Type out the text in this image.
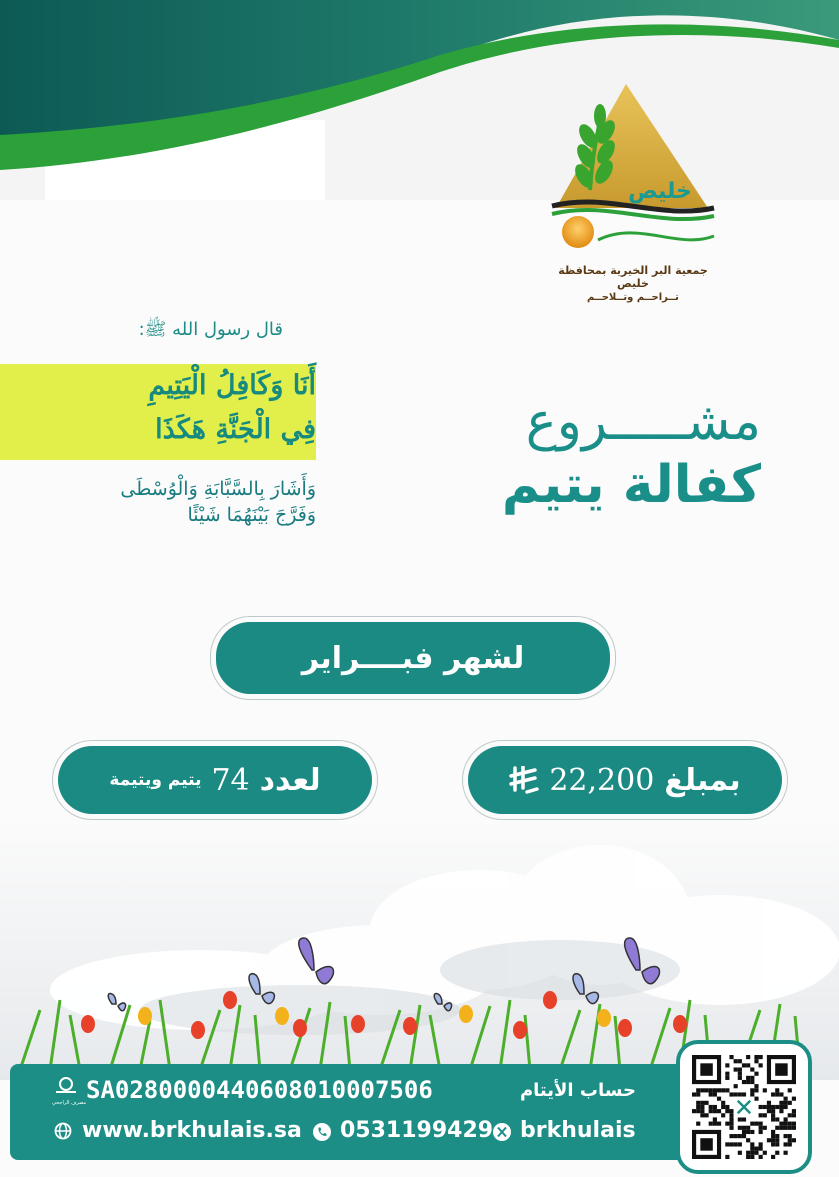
خليص
جمعية البر الخيرية بمحافظة خليص
تــراحــم وتــلاحــم
قال رسول الله ﷺ:
أَنَا وَكَافِلُ الْيَتِيمِ
فِي الْجَنَّةِ هَكَذَا
وَأَشَارَ بِالسَّبَّابَةِ وَالْوُسْطَى
وَفَرَّجَ بَيْنَهُمَا شَيْئًا
مشـــــروع
كفالة يتيم
لشهر فبــــراير
بمبلغ
22,200
لعدد
74
يتيم ويتيمة
حساب الأيتام
SA0280000440608010007506
مصرف الراجحي
www.brkhulais.sa 0531199429 brkhulais
